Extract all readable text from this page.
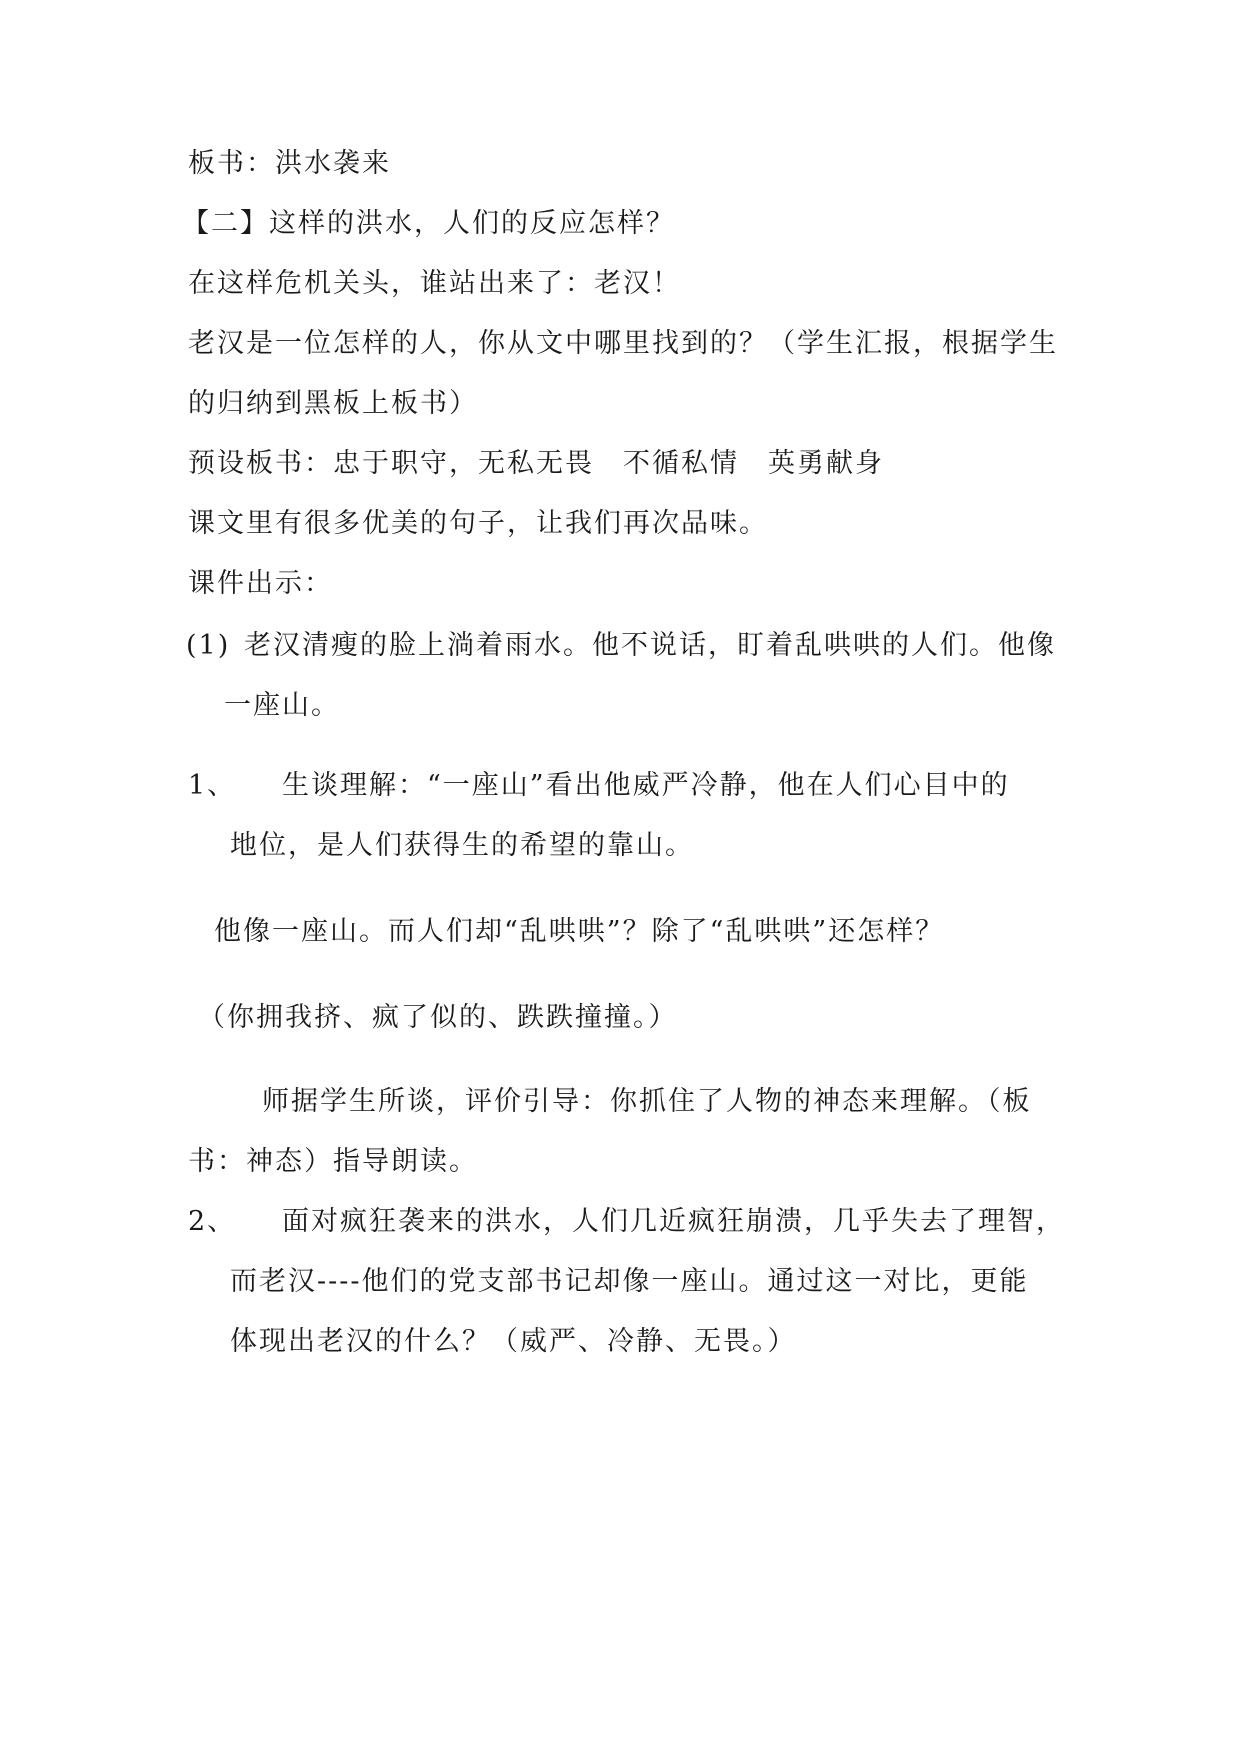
板书：洪水袭来
【二】这样的洪水，人们的反应怎样？
在这样危机关头，谁站出来了：老汉！
老汉是一位怎样的人，你从文中哪里找到的？（学生汇报，根据学生
的归纳到黑板上板书）
预设板书：忠于职守，无私无畏　不循私情　英勇献身
课文里有很多优美的句子，让我们再次品味。
课件出示：
(1) 老汉清瘦的脸上淌着雨水。他不说话，盯着乱哄哄的人们。他像
一座山。
1、 生谈理解：“一座山”看出他威严冷静，他在人们心目中的
地位，是人们获得生的希望的靠山。
他像一座山。而人们却“乱哄哄”？除了“乱哄哄”还怎样？
（你拥我挤、疯了似的、跌跌撞撞。）
师据学生所谈，评价引导：你抓住了人物的神态来理解。（板
书：神态）指导朗读。
2、 面对疯狂袭来的洪水，人们几近疯狂崩溃，几乎失去了理智，
而老汉----他们的党支部书记却像一座山。通过这一对比，更能
体现出老汉的什么？（威严、冷静、无畏。）
